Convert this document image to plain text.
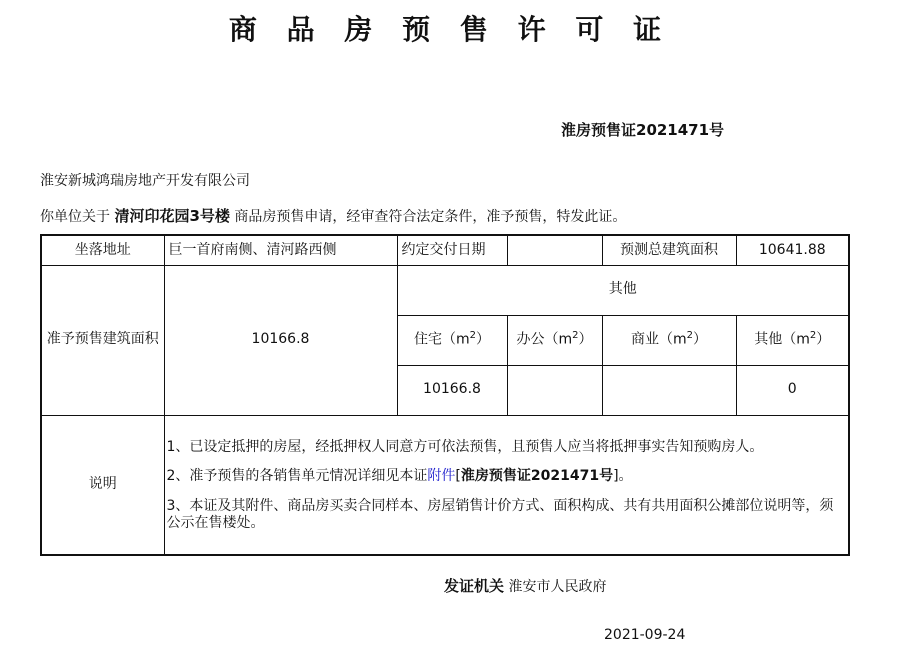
商 品 房 预 售 许 可 证
淮房预售证2021471号
淮安新城鸿瑞房地产开发有限公司
你单位关于 清河印花园3号楼 商品房预售申请，经审查符合法定条件，准予预售，特发此证。
坐落地址	巨一首府南侧、清河路西侧	约定交付日期		预测总建筑面积	10641.88
准予预售建筑面积	10166.8	其他			
		住宅$(m^2)$	办公$(m^2)$	商业$(m^2)$	其他$(m^2)$
		10166.8			0
说明	1、已设定抵押的房屋，经抵押权人同意方可依法预售，且预售人应当将抵押事实告知预购房人。

2、准予预售的各销售单元情况详细见本证附件[淮房预售证2021471号]。

3、本证及其附件、商品房买卖合同样本、房屋销售计价方式、面积构成、共有共用面积公摊部位说明等，须公示在售楼处。				

发证机关 淮安市人民政府
2021-09-24
